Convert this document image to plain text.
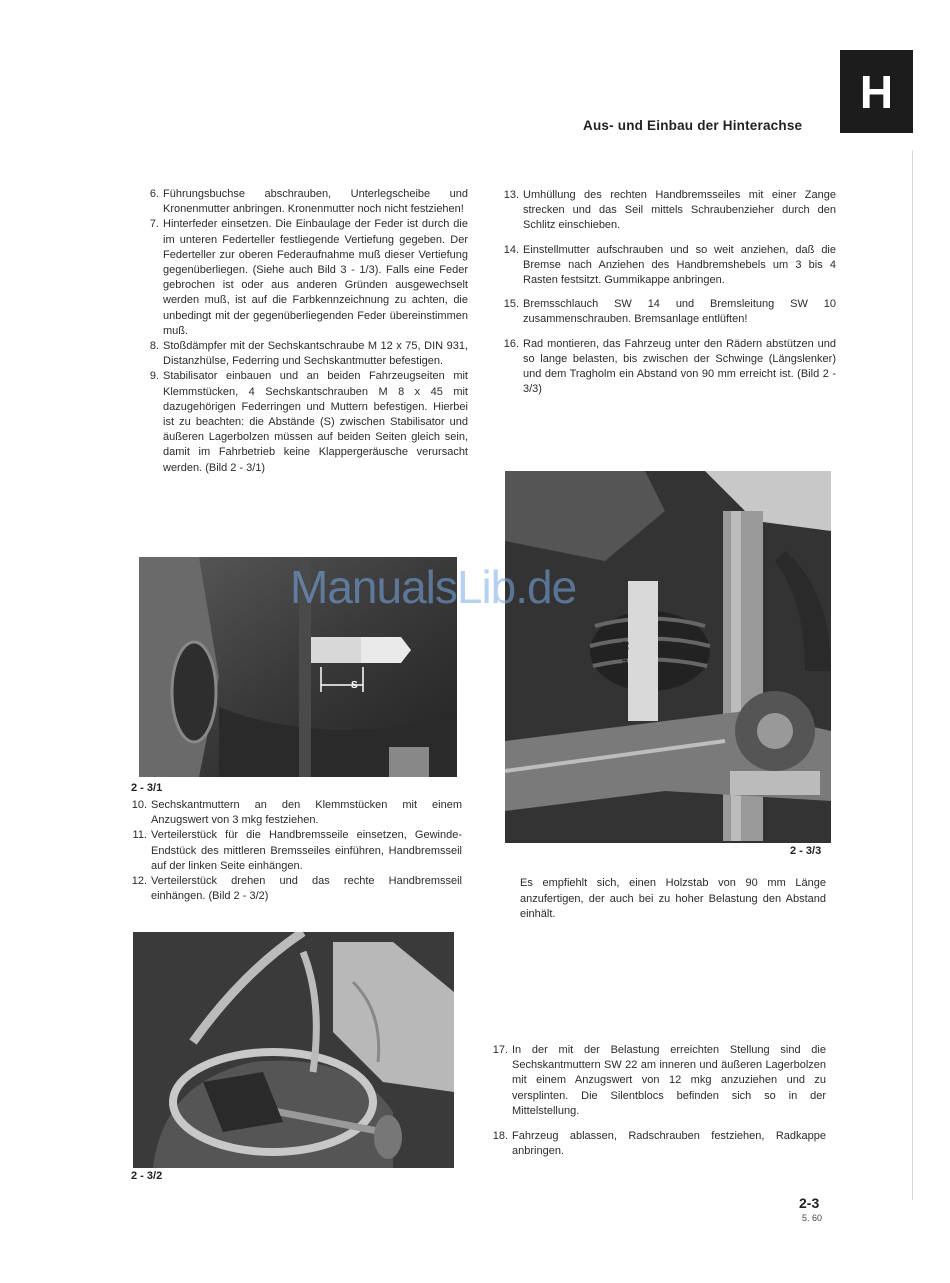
H
Aus- und Einbau der Hinterachse
6. Führungsbuchse abschrauben, Unterlegscheibe und Kronenmutter anbringen. Kronenmutter noch nicht festziehen!
7. Hinterfeder einsetzen. Die Einbaulage der Feder ist durch die im unteren Federteller festliegende Vertiefung gegeben. Der Federteller zur oberen Federaufnahme muß dieser Vertiefung gegenüberliegen. (Siehe auch Bild 3 - 1/3). Falls eine Feder gebrochen ist oder aus anderen Gründen ausgewechselt werden muß, ist auf die Farbkennzeichnung zu achten, die unbedingt mit der gegenüberliegenden Feder übereinstimmen muß.
8. Stoßdämpfer mit der Sechskantschraube M 12 x 75, DIN 931, Distanzhülse, Federring und Sechskantmutter befestigen.
9. Stabilisator einbauen und an beiden Fahrzeugseiten mit Klemmstücken, 4 Sechskantschrauben M 8 x 45 mit dazugehörigen Federringen und Muttern befestigen. Hierbei ist zu beachten: die Abstände (S) zwischen Stabilisator und äußeren Lagerbolzen müssen auf beiden Seiten gleich sein, damit im Fahrbetrieb keine Klappergeräusche verursacht werden. (Bild 2 - 3/1)
S
2 - 3/1
10. Sechskantmuttern an den Klemmstücken mit einem Anzugswert von 3 mkg festziehen.
11. Verteilerstück für die Handbremsseile einsetzen, Gewinde-Endstück des mittleren Bremsseiles einführen, Handbremsseil auf der linken Seite einhängen.
12. Verteilerstück drehen und das rechte Handbremsseil einhängen. (Bild 2 - 3/2)
2 - 3/2
13. Umhüllung des rechten Handbremsseiles mit einer Zange strecken und das Seil mittels Schraubenzieher durch den Schlitz einschieben.
14. Einstellmutter aufschrauben und so weit anziehen, daß die Bremse nach Anziehen des Handbremshebels um 3 bis 4 Rasten festsitzt. Gummikappe anbringen.
15. Bremsschlauch SW 14 und Bremsleitung SW 10 zusammenschrauben. Bremsanlage entlüften!
16. Rad montieren, das Fahrzeug unter den Rädern abstützen und so lange belasten, bis zwischen der Schwinge (Längslenker) und dem Tragholm ein Abstand von 90 mm erreicht ist. (Bild 2 - 3/3)
80mm
2 - 3/3
Es empfiehlt sich, einen Holzstab von 90 mm Länge anzufertigen, der auch bei zu hoher Belastung den Abstand einhält.
17. In der mit der Belastung erreichten Stellung sind die Sechskantmuttern SW 22 am inneren und äußeren Lagerbolzen mit einem Anzugswert von 12 mkg anzuziehen und zu versplinten. Die Silentblocs befinden sich so in der Mittelstellung.
18. Fahrzeug ablassen, Radschrauben festziehen, Radkappe anbringen.
ManualsLib.de
2-3
5. 60
